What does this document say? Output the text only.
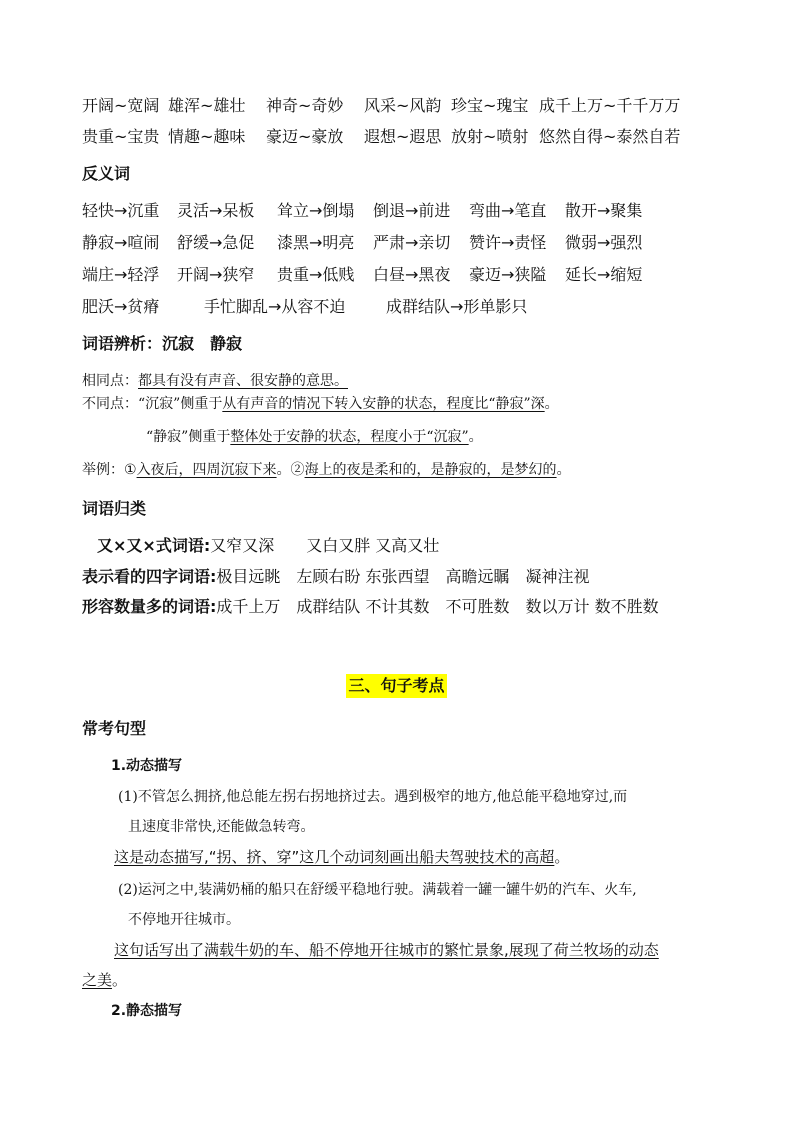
开阔~宽阔 雄浑~雄壮 神奇~奇妙 风采~风韵 珍宝~瑰宝 成千上万~千千万万
贵重~宝贵 情趣~趣味 豪迈~豪放 遐想~遐思 放射~喷射 悠然自得~泰然自若
反义词
轻快→沉重 灵活→呆板 耸立→倒塌 倒退→前进 弯曲→笔直 散开→聚集
静寂→喧闹 舒缓→急促 漆黑→明亮 严肃→亲切 赞许→责怪 微弱→强烈
端庄→轻浮 开阔→狭窄 贵重→低贱 白昼→黑夜 豪迈→狭隘 延长→缩短
肥沃→贫瘠	手忙脚乱→从容不迫	成群结队→形单影只
词语辨析：沉寂　静寂
相同点：都具有没有声音、很安静的意思。
不同点：“沉寂”侧重于从有声音的情况下转入安静的状态，程度比“静寂”深。
“静寂”侧重于整体处于安静的状态，程度小于“沉寂”。
举例：①入夜后，四周沉寂下来。②海上的夜是柔和的，是静寂的，是梦幻的。
词语归类
又×又×式词语:又窄又深　　又白又胖 又高又壮
表示看的四字词语:极目远眺　左顾右盼 东张西望　高瞻远瞩　凝神注视
形容数量多的词语:成千上万　成群结队 不计其数　不可胜数　数以万计 数不胜数
三、句子考点
常考句型
1.动态描写
(1)不管怎么拥挤,他总能左拐右拐地挤过去。遇到极窄的地方,他总能平稳地穿过,而
且速度非常快,还能做急转弯。
这是动态描写,“拐、挤、穿”这几个动词刻画出船夫驾驶技术的高超。
(2)运河之中,装满奶桶的船只在舒缓平稳地行驶。满载着一罐一罐牛奶的汽车、火车,
不停地开往城市。
这句话写出了满载牛奶的车、船不停地开往城市的繁忙景象,展现了荷兰牧场的动态
之美。
2.静态描写
